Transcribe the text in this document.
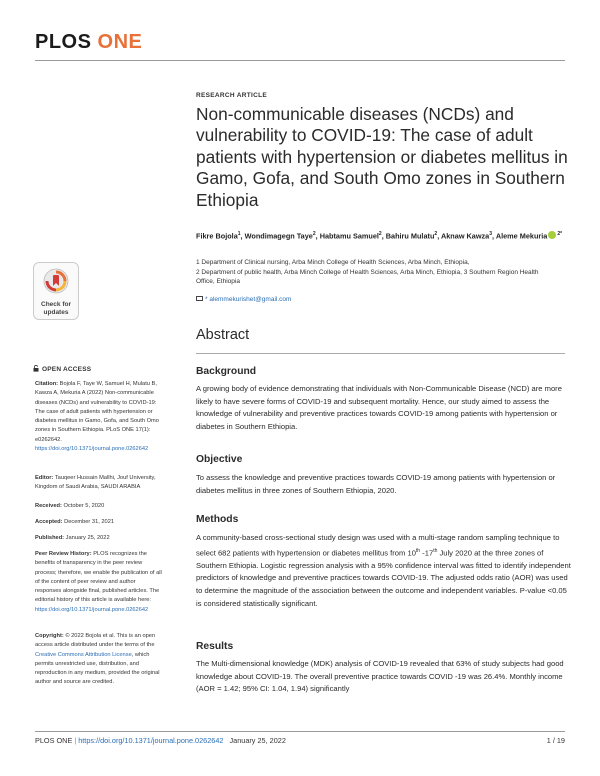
PLOS ONE
Check for
updates
OPEN ACCESS
Citation: Bojola F, Taye W, Samuel H, Mulatu B, Kawza A, Mekuria A (2022) Non-communicable diseases (NCDs) and vulnerability to COVID-19: The case of adult patients with hypertension or diabetes mellitus in Gamo, Gofa, and South Omo zones in Southern Ethiopia. PLoS ONE 17(1): e0262642. https://doi.org/10.1371/journal.pone.0262642
Editor: Tauqeer Hussain Mallhi, Jouf University, Kingdom of Saudi Arabia, SAUDI ARABIA
Received: October 5, 2020
Accepted: December 31, 2021
Published: January 25, 2022
Peer Review History: PLOS recognizes the benefits of transparency in the peer review process; therefore, we enable the publication of all of the content of peer review and author responses alongside final, published articles. The editorial history of this article is available here: https://doi.org/10.1371/journal.pone.0262642
Copyright: © 2022 Bojola et al. This is an open access article distributed under the terms of the Creative Commons Attribution License, which permits unrestricted use, distribution, and reproduction in any medium, provided the original author and source are credited.
RESEARCH ARTICLE
Non-communicable diseases (NCDs) and vulnerability to COVID-19: The case of adult patients with hypertension or diabetes mellitus in Gamo, Gofa, and South Omo zones in Southern Ethiopia
Fikre Bojola$^1$, Wondimagegn Taye$^2$, Habtamu Samuel$^2$, Bahiru Mulatu$^2$, Aknaw Kawza$^3$, Aleme Mekuria $^{2*}$
1 Department of Clinical nursing, Arba Minch College of Health Sciences, Arba Minch, Ethiopia,
2 Department of public health, Arba Minch College of Health Sciences, Arba Minch, Ethiopia, 3 Southern Region Health Office, Ethiopia
* alemmekurishet@gmail.com
Abstract
Background

A growing body of evidence demonstrating that individuals with Non-Communicable Disease (NCD) are more likely to have severe forms of COVID-19 and subsequent mortality. Hence, our study aimed to assess the knowledge of vulnerability and preventive practices towards COVID-19 among patients with hypertension or diabetes in Southern Ethiopia.

Objective

To assess the knowledge and preventive practices towards COVID-19 among patients with hypertension or diabetes mellitus in three zones of Southern Ethiopia, 2020.

Methods

A community-based cross-sectional study design was used with a multi-stage random sampling technique to select 682 patients with hypertension or diabetes mellitus from 10th -17th July 2020 at the three zones of Southern Ethiopia. Logistic regression analysis with a 95% confidence interval was fitted to identify independent predictors of knowledge and preventive practices towards COVID-19. The adjusted odds ratio (AOR) was used to determine the magnitude of the association between the outcome and independent variables. P-value <0.05 is considered statistically significant.

Results

The Multi-dimensional knowledge (MDK) analysis of COVID-19 revealed that 63% of study subjects had good knowledge about COVID-19. The overall preventive practice towards COVID -19 was 26.4%. Monthly income (AOR = 1.42; 95% CI: 1.04, 1.94) significantly

PLOS ONE | https://doi.org/10.1371/journal.pone.0262642 January 25, 2022	1 / 19
